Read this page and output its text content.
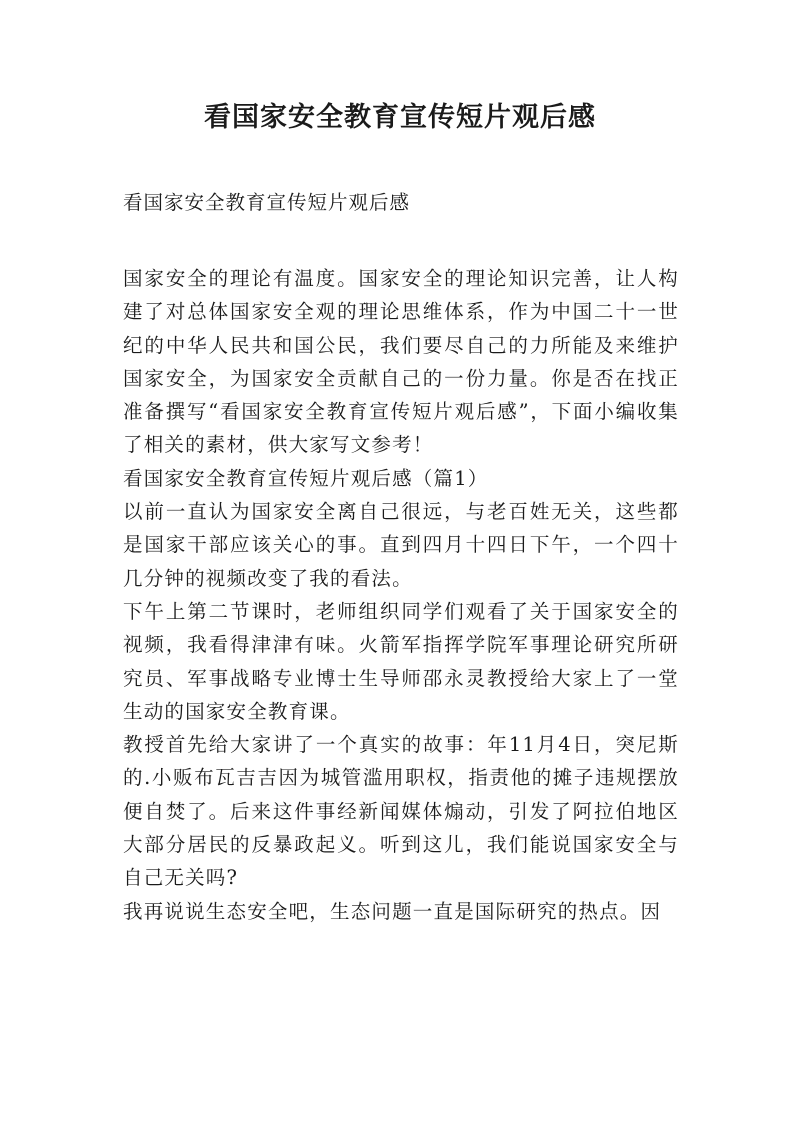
看国家安全教育宣传短片观后感
看国家安全教育宣传短片观后感

国家安全的理论有温度。国家安全的理论知识完善，让人构建了对总体国家安全观的理论思维体系，作为中国二十一世纪的中华人民共和国公民，我们要尽自己的力所能及来维护国家安全，为国家安全贡献自己的一份力量。你是否在找正准备撰写“看国家安全教育宣传短片观后感”，下面小编收集了相关的素材，供大家写文参考！

看国家安全教育宣传短片观后感（篇1）

以前一直认为国家安全离自己很远，与老百姓无关，这些都是国家干部应该关心的事。直到四月十四日下午，一个四十几分钟的视频改变了我的看法。

下午上第二节课时，老师组织同学们观看了关于国家安全的视频，我看得津津有味。火箭军指挥学院军事理论研究所研究员、军事战略专业博士生导师邵永灵教授给大家上了一堂生动的国家安全教育课。

教授首先给大家讲了一个真实的故事：年11月4日，突尼斯的.小贩布瓦吉吉因为城管滥用职权，指责他的摊子违规摆放便自焚了。后来这件事经新闻媒体煽动，引发了阿拉伯地区大部分居民的反暴政起义。听到这儿，我们能说国家安全与自己无关吗?

我再说说生态安全吧，生态问题一直是国际研究的热点。因
